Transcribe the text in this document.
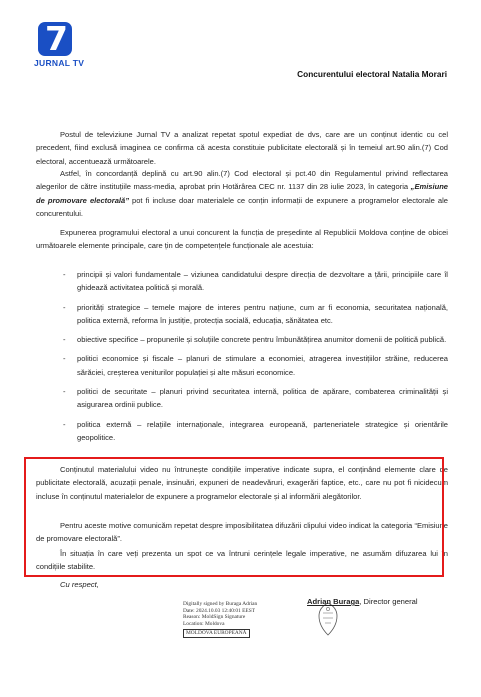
7
JURNAL TV
Concurentului electoral Natalia Morari
Postul de televiziune Jurnal TV a analizat repetat spotul expediat de dvs, care are un conținut identic cu cel precedent, fiind exclusă imaginea ce confirma că acesta constituie publicitate electorală și în temeiul art.90 alin.(7) Cod electoral, accentuează următoarele.
Astfel, în concordanță deplină cu art.90 alin.(7) Cod electoral și pct.40 din Regulamentul privind reflectarea alegerilor de către instituțiile mass-media, aprobat prin Hotărârea CEC nr. 1137 din 28 iulie 2023, în categoria „Emisiune de promovare electorală” pot fi incluse doar materialele ce conțin informații de expunere a programelor electorale ale concurentului.
Expunerea programului electoral a unui concurent la funcția de președinte al Republicii Moldova conține de obicei următoarele elemente principale, care țin de competențele funcționale ale acestuia:
- principii și valori fundamentale – viziunea candidatului despre direcția de dezvoltare a țării, principiile care îl ghidează activitatea politică și morală.
- priorități strategice – temele majore de interes pentru națiune, cum ar fi economia, securitatea națională, politica externă, reforma în justiție, protecția socială, educația, sănătatea etc.
- obiective specifice – propunerile și soluțiile concrete pentru îmbunătățirea anumitor domenii de politică publică.
- politici economice și fiscale – planuri de stimulare a economiei, atragerea investițiilor străine, reducerea sărăciei, creșterea veniturilor populației și alte măsuri economice.
- politici de securitate – planuri privind securitatea internă, politica de apărare, combaterea criminalității și asigurarea ordinii publice.
- politica externă – relațiile internaționale, integrarea europeană, parteneriatele strategice și orientările geopolitice.
Conținutul materialului video nu întrunește condițiile imperative indicate supra, el conținând elemente clare de publicitate electorală, acuzații penale, insinuări, expuneri de neadevăruri, exagerări faptice, etc., care nu pot fi nicidecum incluse în conținutul materialelor de expunere a programelor electorale și al informării alegătorilor.
Pentru aceste motive comunicăm repetat despre imposibilitatea difuzării clipului video indicat la categoria “Emisiune de promovare electorală”.
În situația în care veți prezenta un spot ce va întruni cerințele legale imperative, ne asumăm difuzarea lui în condițiile stabilite.
Cu respect,
Digitally signed by Buraga Adrian
Date: 2024.10.03 12:40:01 EEST
Reason: MoldSign Signature
Location: Moldova
MOLDOVA EUROPEANĂ
Adrian Buraga, Director general
